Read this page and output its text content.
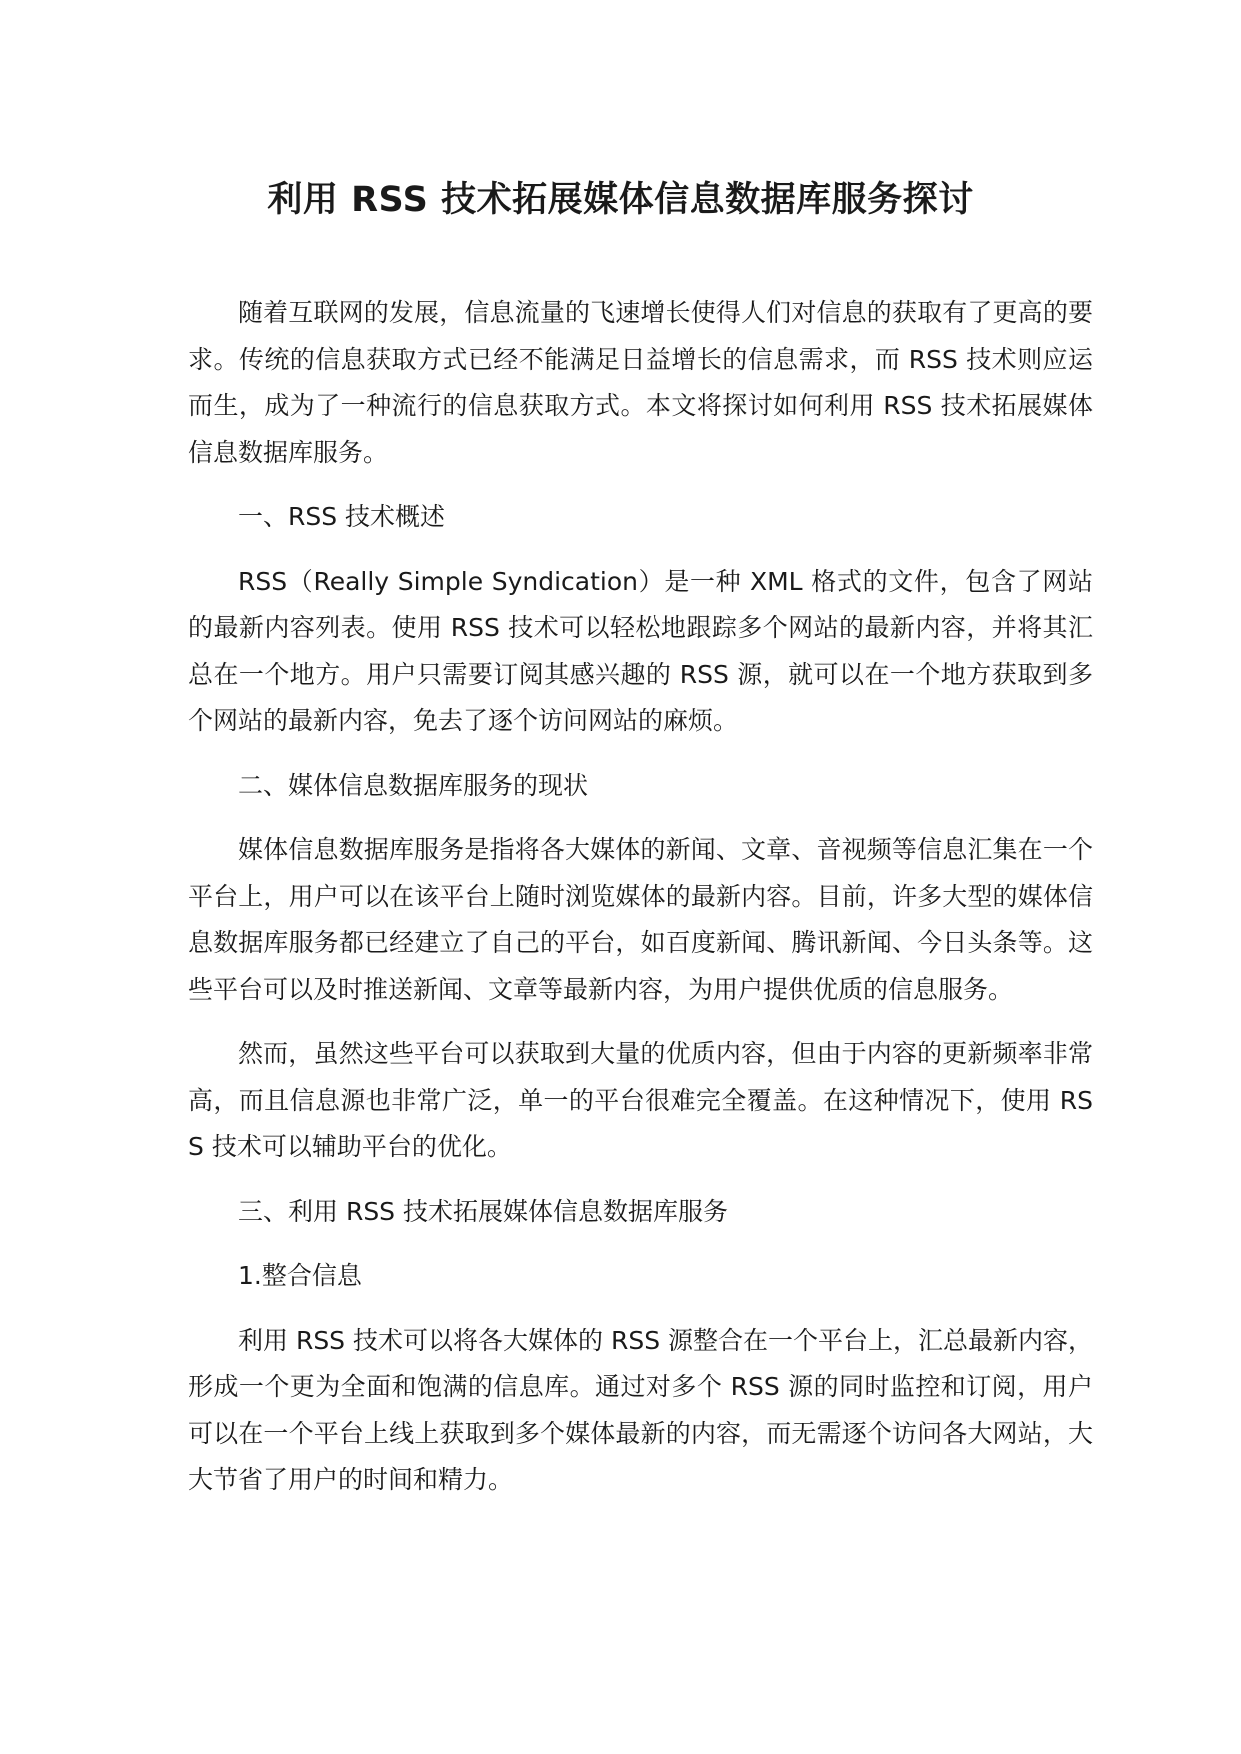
利用 RSS 技术拓展媒体信息数据库服务探讨

随着互联网的发展，信息流量的飞速增长使得人们对信息的获取有了更高的要求。传统的信息获取方式已经不能满足日益增长的信息需求，而 RSS 技术则应运而生，成为了一种流行的信息获取方式。本文将探讨如何利用 RSS 技术拓展媒体信息数据库服务。

一、RSS 技术概述

RSS（Really Simple Syndication）是一种 XML 格式的文件，包含了网站的最新内容列表。使用 RSS 技术可以轻松地跟踪多个网站的最新内容，并将其汇总在一个地方。用户只需要订阅其感兴趣的 RSS 源，就可以在一个地方获取到多个网站的最新内容，免去了逐个访问网站的麻烦。

二、媒体信息数据库服务的现状

媒体信息数据库服务是指将各大媒体的新闻、文章、音视频等信息汇集在一个平台上，用户可以在该平台上随时浏览媒体的最新内容。目前，许多大型的媒体信息数据库服务都已经建立了自己的平台，如百度新闻、腾讯新闻、今日头条等。这些平台可以及时推送新闻、文章等最新内容，为用户提供优质的信息服务。

然而，虽然这些平台可以获取到大量的优质内容，但由于内容的更新频率非常高，而且信息源也非常广泛，单一的平台很难完全覆盖。在这种情况下，使用 RSS 技术可以辅助平台的优化。

三、利用 RSS 技术拓展媒体信息数据库服务

1.整合信息

利用 RSS 技术可以将各大媒体的 RSS 源整合在一个平台上，汇总最新内容，形成一个更为全面和饱满的信息库。通过对多个 RSS 源的同时监控和订阅，用户可以在一个平台上线上获取到多个媒体最新的内容，而无需逐个访问各大网站，大大节省了用户的时间和精力。
